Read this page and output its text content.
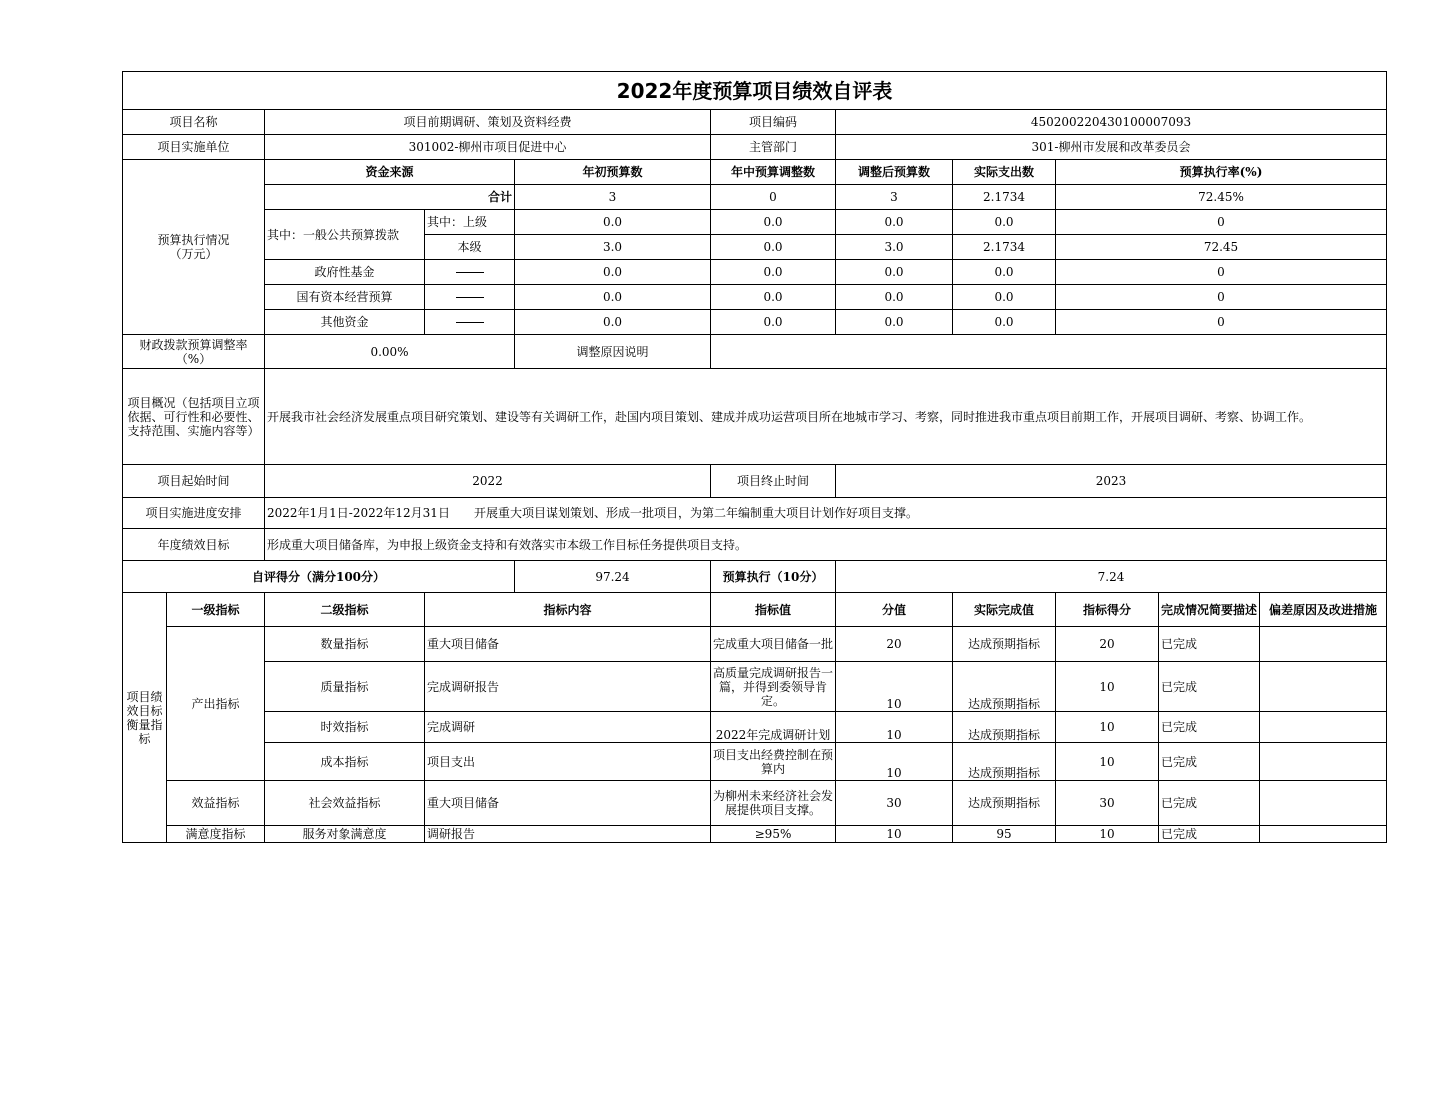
2022年度预算项目绩效自评表										
项目名称		项目前期调研、策划及资料经费			项目编码	450200220430100007093				
项目实施单位		301002-柳州市项目促进中心			主管部门	301-柳州市发展和改革委员会				
预算执行情况
（万元）		资金来源		年初预算数	年中预算调整数	调整后预算数	实际支出数	预算执行率(%)		
		合计		3	0	3	2.1734	72.45%		
		其中：一般公共预算拨款	其中：上级	0.0	0.0	0.0	0.0	0		
			本级	3.0	0.0	3.0	2.1734	72.45		
		政府性基金		0.0	0.0	0.0	0.0	0		
		国有资本经营预算		0.0	0.0	0.0	0.0	0		
		其他资金		0.0	0.0	0.0	0.0	0		
财政拨款预算调整率
（%）		0.00%		调整原因说明						
项目概况（包括项目立项依据、可行性和必要性、支持范围、实施内容等）		开展我市社会经济发展重点项目研究策划、建设等有关调研工作，赴国内项目策划、建成并成功运营项目所在地城市学习、考察，同时推进我市重点项目前期工作，开展项目调研、考察、协调工作。								
项目起始时间		2022			项目终止时间	2023				
项目实施进度安排		2022年1月1日-2022年12月31日　　开展重大项目谋划策划、形成一批项目，为第二年编制重大项目计划作好项目支撑。								
年度绩效目标		形成重大项目储备库，为申报上级资金支持和有效落实市本级工作目标任务提供项目支持。								
自评得分（满分100分）				97.24	预算执行（10分）	7.24				
项目绩效目标衡量指标	一级指标	二级指标	指标内容		指标值	分值	实际完成值	指标得分	完成情况简要描述	偏差原因及改进措施
	产出指标	数量指标	重大项目储备		完成重大项目储备一批	20	达成预期指标	20	已完成	
		质量指标	完成调研报告		高质量完成调研报告一篇，并得到委领导肯定。	10	达成预期指标	10	已完成	
		时效指标	完成调研		2022年完成调研计划	10	达成预期指标	10	已完成	
		成本指标	项目支出		项目支出经费控制在预算内	10	达成预期指标	10	已完成	
	效益指标	社会效益指标	重大项目储备		为柳州未来经济社会发展提供项目支撑。	30	达成预期指标	30	已完成	
	满意度指标	服务对象满意度	调研报告		≥95%	10	95	10	已完成	
